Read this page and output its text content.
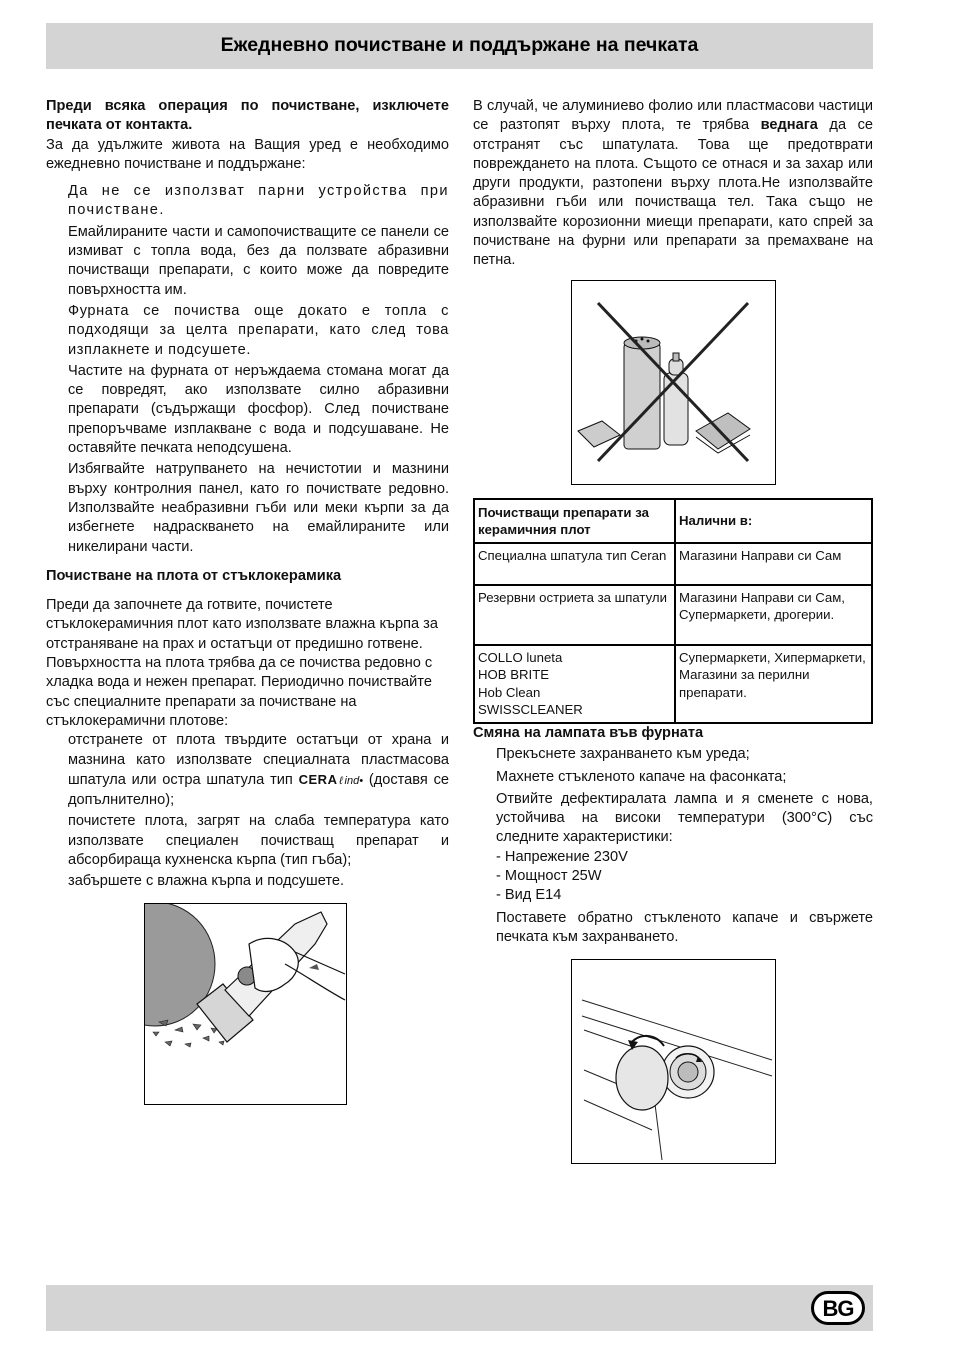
Ежедневно почистване и поддържане на печката

Преди всяка операция по почистване, изключете печката от контакта.

За да удължите живота на Ващия уред е необходимо ежедневно почистване и поддържане:

Да не се използват парни устройства при почистване.

Емайлираните части и самопочистващите се панели се измиват с топла вода, без да ползвате абразивни почистващи препарати, с които може да повредите повърхността им.

Фурната се почиства още докато е топла с подходящи за целта препарати, като след това изплакнете и подсушете.

Частите на фурната от неръждаема стомана могат да се повредят, ако използвате силно абразивни препарати (съдържащи фосфор). След почистване препоръчваме изплакване с вода и подсушаване. Не оставяйте печката неподсушена.

Избягвайте натрупването на нечистотии и мазнини върху контролния панел, като го почиствате редовно. Използвайте неабразивни гъби или меки кърпи за да избегнете надраскването на емайлираните или никелирани части.

Почистване на плота от стъклокерамика

Преди да започнете да готвите, почистете стъклокерамичния плот като използвате влажна кърпа за отстраняване на прах и остатъци от предишно готвене. Повърхността на плота трябва да се почиства редовно с хладка вода и нежен препарат. Периодично почиствайте със специалните препарати за почистване на стъклокерамични плотове:

отстранете от плота твърдите остатъци от храна и мазнина като използвате специалната пластмасова шпатула или остра шпатула тип CERAℓind• (доставя се допълнително);

почистете плота, загрят на слаба температура като използвате специален почистващ препарат и абсорбираща кухненска кърпа (тип гъба);

забършете с влажна кърпа и подсушете.

В случай, че алуминиево фолио или пластмасови частици се разтопят върху плота, те трябва веднага да се отстранят със шпатулата. Това ще предотврати повреждането на плота. Същото се отнася и за захар или други продукти, разтопени върху плота.Не използвайте абразивни гъби или почистваща тел. Така също не използвайте корозионни миещи препарати, като спрей за почистване на фурни или препарати за премахване на петна.

Почистващи препарати за керамичния плот	Налични в:
Специална шпатула тип Ceran	Магазини Направи си Сам
Резервни остриета за шпатули	Магазини Направи си Сам, Супермаркети, дрогерии.
COLLO luneta
HOB BRITE
Hob Clean
SWISSCLEANER	Супермаркети, Хипермаркети, Магазини за перилни препарати.

Смяна на лампата във фурната

Прекъснете захранването към уреда;

Махнете стъкленото капаче на фасонката;

Отвийте дефектиралата лампа и я сменете с нова, устойчива на високи температури (300°C) със следните характеристики:

- Напрежение 230V

- Мощност 25W

- Вид E14

Поставете обратно стъкленото капаче и свържете печката към захранването.

BG
